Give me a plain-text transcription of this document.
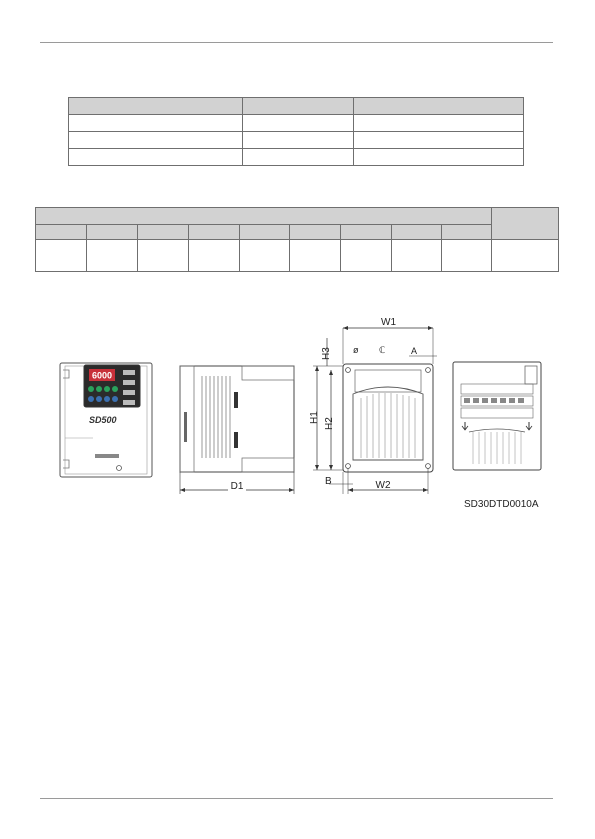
6000
SD500
D1
W1
H3
H1 H2
ø ℂ	A
B	W2
SD30DTD0010A
